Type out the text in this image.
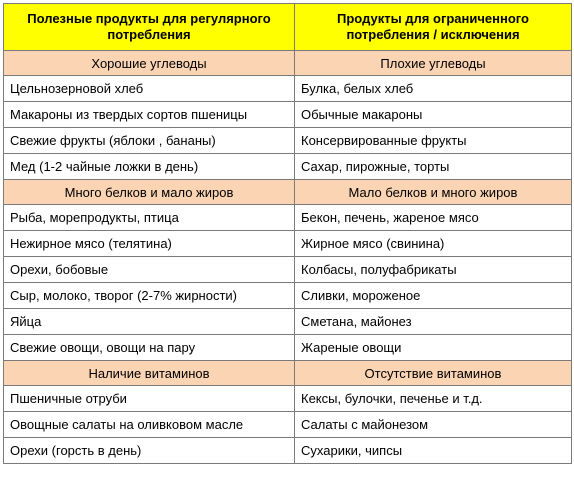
Полезные продукты для регулярного потребления	Продукты для ограниченного потребления / исключения
Хорошие углеводы	Плохие углеводы
Цельнозерновой хлеб	Булка, белых хлеб
Макароны из твердых сортов пшеницы	Обычные макароны
Свежие фрукты (яблоки , бананы)	Консервированные фрукты
Мед (1-2 чайные ложки в день)	Сахар, пирожные, торты
Много белков и мало жиров	Мало белков и много жиров
Рыба, морепродукты, птица	Бекон, печень, жареное мясо
Нежирное мясо (телятина)	Жирное мясо (свинина)
Орехи, бобовые	Колбасы, полуфабрикаты
Сыр, молоко, творог (2-7% жирности)	Сливки, мороженое
Яйца	Сметана, майонез
Свежие овощи, овощи на пару	Жареные овощи
Наличие витаминов	Отсутствие витаминов
Пшеничные отруби	Кексы, булочки, печенье и т.д.
Овощные салаты на оливковом масле	Салаты с майонезом
Орехи (горсть в день)	Сухарики, чипсы
